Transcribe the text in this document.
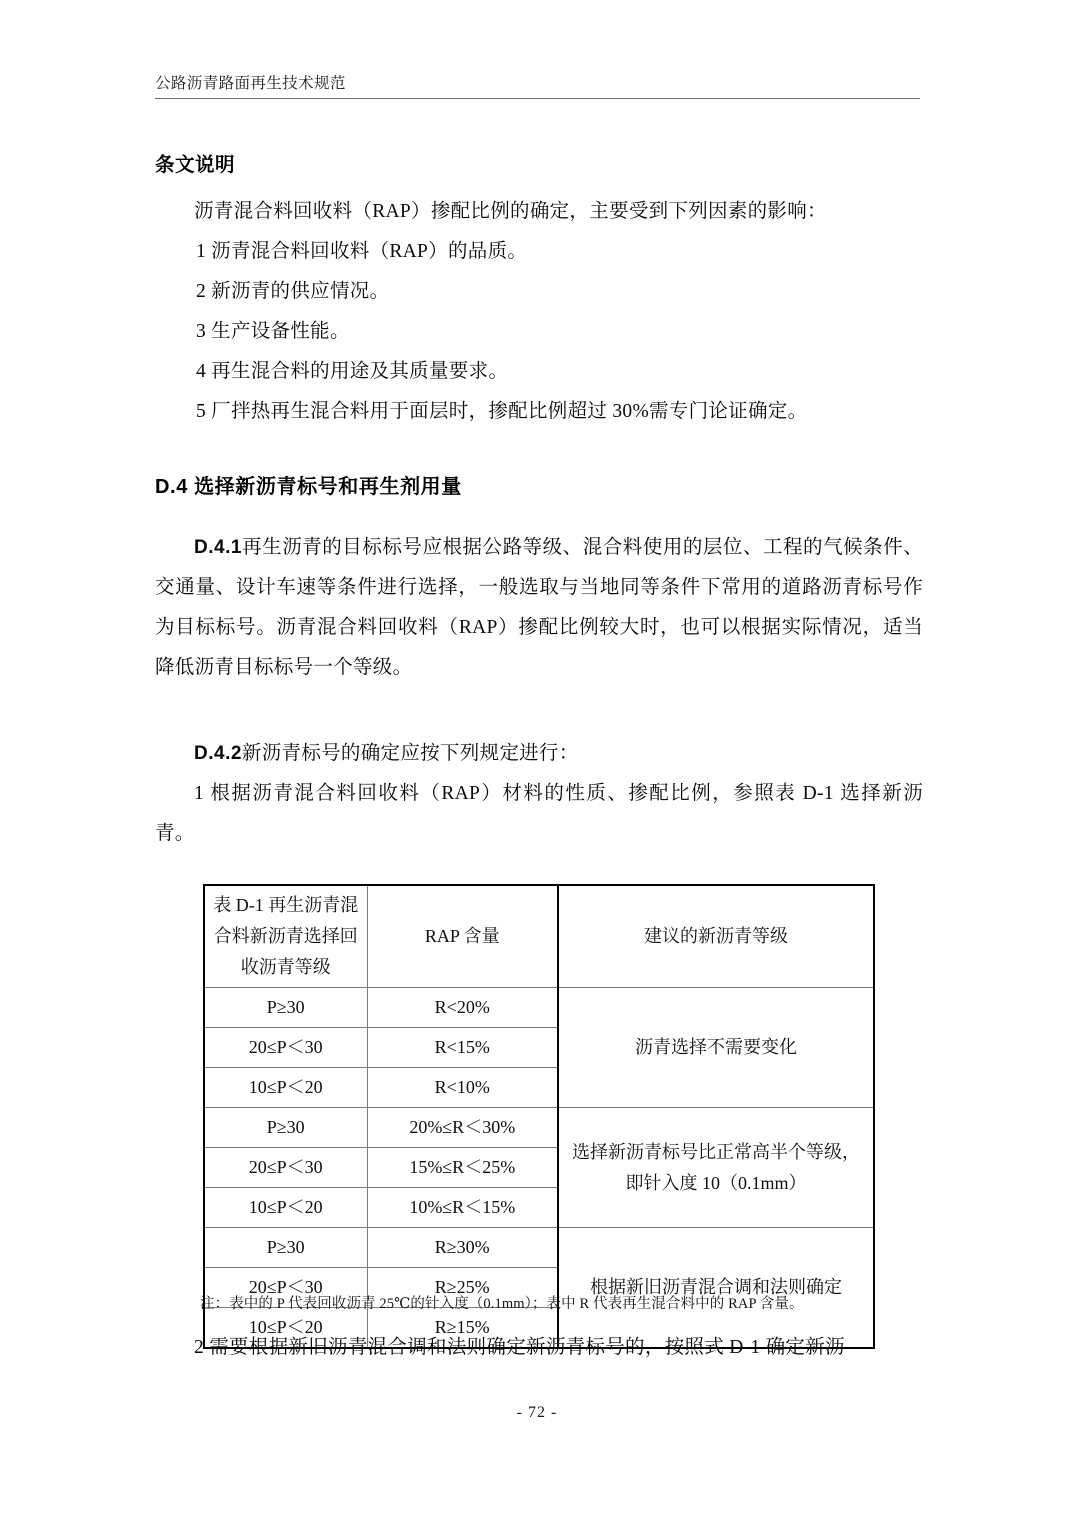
公路沥青路面再生技术规范
条文说明

沥青混合料回收料（RAP）掺配比例的确定，主要受到下列因素的影响：

1 沥青混合料回收料（RAP）的品质。

2 新沥青的供应情况。

3 生产设备性能。

4 再生混合料的用途及其质量要求。

5 厂拌热再生混合料用于面层时，掺配比例超过 30%需专门论证确定。

D.4 选择新沥青标号和再生剂用量

D.4.1再生沥青的目标标号应根据公路等级、混合料使用的层位、工程的气候条件、交通量、设计车速等条件进行选择，一般选取与当地同等条件下常用的道路沥青标号作为目标标号。沥青混合料回收料（RAP）掺配比例较大时，也可以根据实际情况，适当降低沥青目标标号一个等级。

D.4.2新沥青标号的确定应按下列规定进行：

1 根据沥青混合料回收料（RAP）材料的性质、掺配比例，参照表 D-1 选择新沥青。

表 D-1 再生沥青混合料新沥青选择回收沥青等级	RAP 含量	建议的新沥青等级
P≥30	R<20%	沥青选择不需要变化
20≤P＜30	R<15%	
10≤P＜20	R<10%	
P≥30	20%≤R＜30%	选择新沥青标号比正常高半个等级，即针入度 10（0.1mm）
20≤P＜30	15%≤R＜25%	
10≤P＜20	10%≤R＜15%	
P≥30	R≥30%	根据新旧沥青混合调和法则确定
20≤P＜30	R≥25%	
10≤P＜20	R≥15%	
注：表中的 P 代表回收沥青 25℃的针入度（0.1mm）；表中 R 代表再生混合料中的 RAP 含量。

2 需要根据新旧沥青混合调和法则确定新沥青标号的，按照式 D-1 确定新沥

- 72 -
